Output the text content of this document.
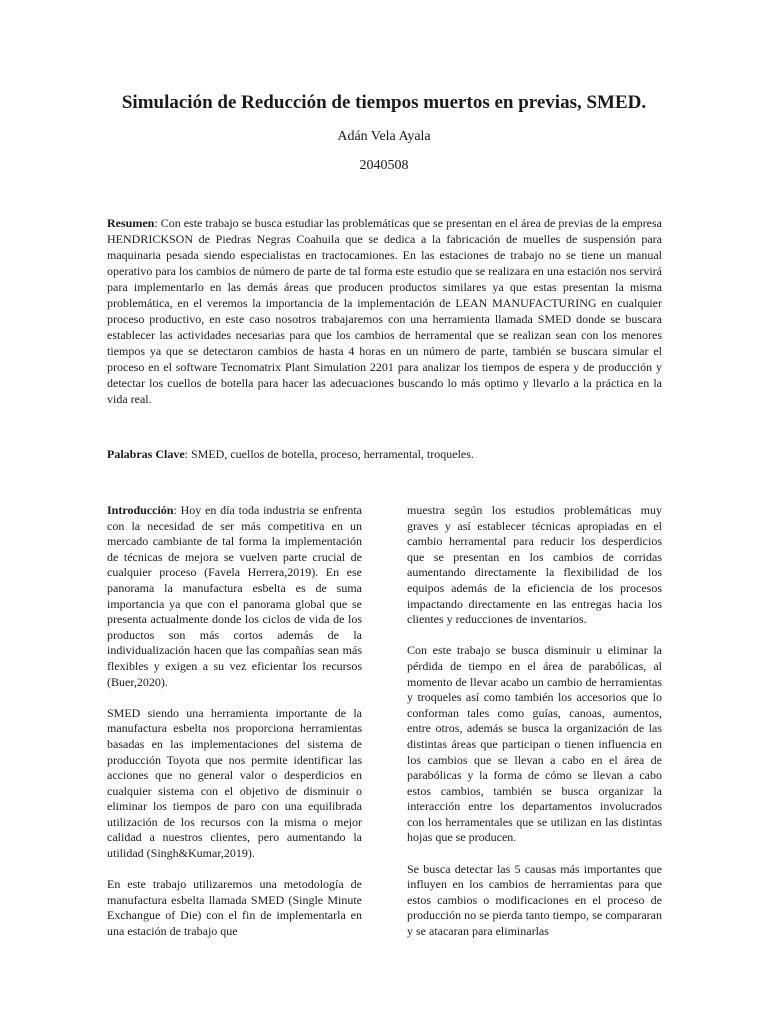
Simulación de Reducción de tiempos muertos en previas, SMED.
Adán Vela Ayala
2040508

Resumen: Con este trabajo se busca estudiar las problemáticas que se presentan en el área de previas de la empresa HENDRICKSON de Piedras Negras Coahuila que se dedica a la fabricación de muelles de suspensión para maquinaria pesada siendo especialistas en tractocamiones. En las estaciones de trabajo no se tiene un manual operativo para los cambios de número de parte de tal forma este estudio que se realizara en una estación nos servirá para implementarlo en las demás áreas que producen productos similares ya que estas presentan la misma problemática, en el veremos la importancia de la implementación de LEAN MANUFACTURING en cualquier proceso productivo, en este caso nosotros trabajaremos con una herramienta llamada SMED donde se buscara establecer las actividades necesarias para que los cambios de herramental que se realizan sean con los menores tiempos ya que se detectaron cambios de hasta 4 horas en un número de parte, también se buscara simular el proceso en el software Tecnomatrix Plant Simulation 2201 para analizar los tiempos de espera y de producción y detectar los cuellos de botella para hacer las adecuaciones buscando lo más optimo y llevarlo a la práctica en la vida real.

Palabras Clave: SMED, cuellos de botella, proceso, herramental, troqueles.

Introducción: Hoy en día toda industria se enfrenta con la necesidad de ser más competitiva en un mercado cambiante de tal forma la implementación de técnicas de mejora se vuelven parte crucial de cualquier proceso (Favela Herrera,2019). En ese panorama la manufactura esbelta es de suma importancia ya que con el panorama global que se presenta actualmente donde los ciclos de vida de los productos son más cortos además de la individualización hacen que las compañías sean más flexibles y exigen a su vez eficientar los recursos (Buer,2020).

SMED siendo una herramienta importante de la manufactura esbelta nos proporciona herramientas basadas en las implementaciones del sistema de producción Toyota que nos permite identificar las acciones que no general valor o desperdicios en cualquier sistema con el objetivo de disminuir o eliminar los tiempos de paro con una equilibrada utilización de los recursos con la misma o mejor calidad a nuestros clientes, pero aumentando la utilidad (Singh&Kumar,2019).

En este trabajo utilizaremos una metodología de manufactura esbelta llamada SMED (Single Minute Exchangue of Die) con el fin de implementarla en una estación de trabajo que

muestra según los estudios problemáticas muy graves y así establecer técnicas apropiadas en el cambio herramental para reducir los desperdicios que se presentan en los cambios de corridas aumentando directamente la flexibilidad de los equipos además de la eficiencia de los procesos impactando directamente en las entregas hacia los clientes y reducciones de inventarios.

Con este trabajo se busca disminuir u eliminar la pérdida de tiempo en el área de parabólicas, al momento de llevar acabo un cambio de herramientas y troqueles así como también los accesorios que lo conforman tales como guías, canoas, aumentos, entre otros, además se busca la organización de las distintas áreas que participan o tienen influencia en los cambios que se llevan a cabo en el área de parabólicas y la forma de cómo se llevan a cabo estos cambios, también se busca organizar la interacción entre los departamentos involucrados con los herramentales que se utilizan en las distintas hojas que se producen.

Se busca detectar las 5 causas más importantes que influyen en los cambios de herramientas para que estos cambios o modificaciones en el proceso de producción no se pierda tanto tiempo, se compararan y se atacaran para eliminarlas
